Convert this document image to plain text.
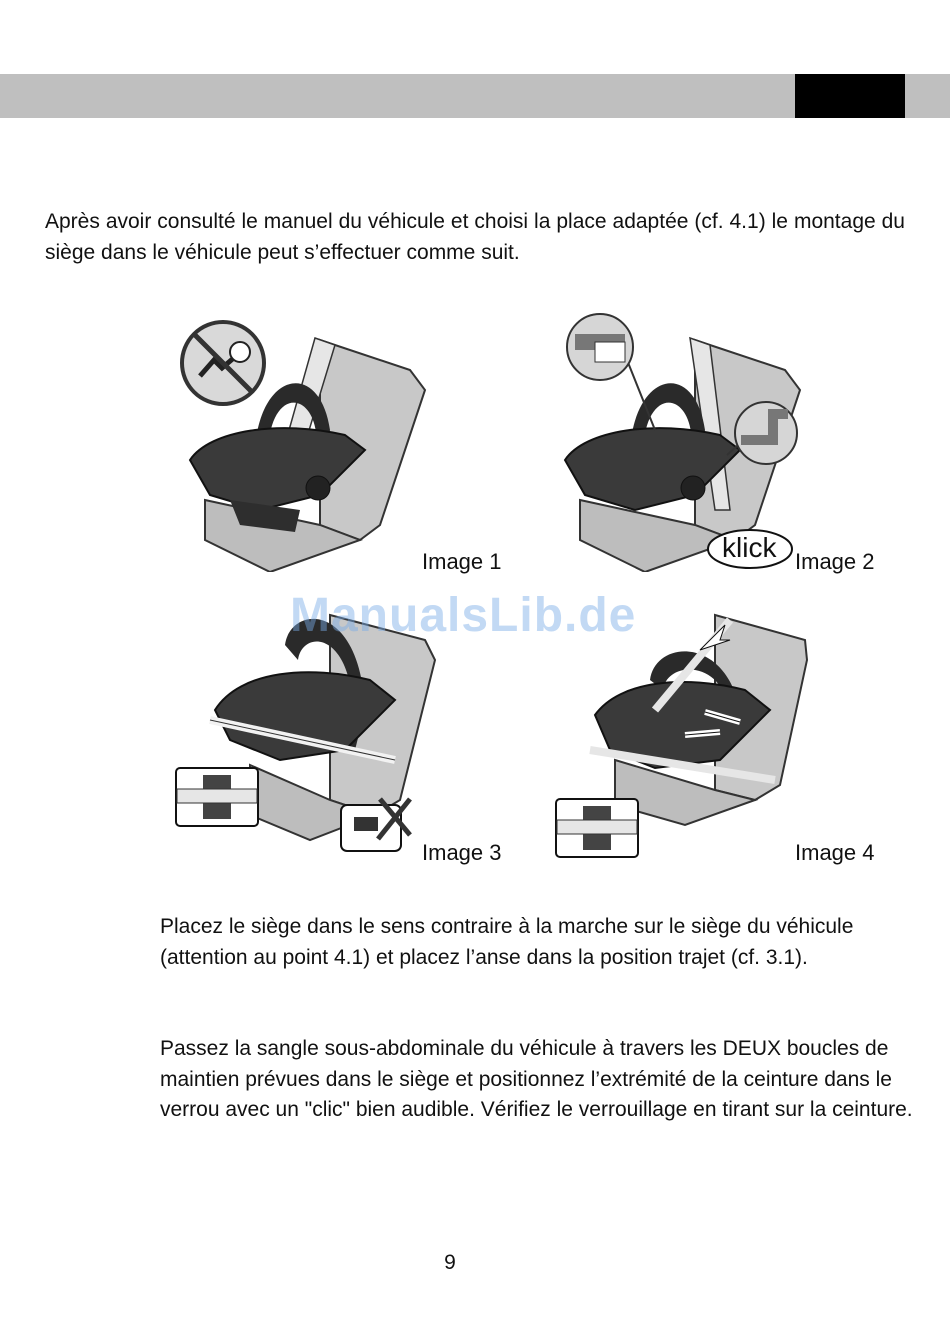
Après avoir consulté le manuel du véhicule et choisi la place adaptée (cf. 4.1) le montage du siège dans le véhicule peut s’effectuer comme suit.

Image 1	klick Image 2
Image 3	Image 4
ManualsLib.de

Placez le siège dans le sens contraire à la marche sur le siège du véhicule (attention au point 4.1) et placez l’anse dans la position trajet (cf. 3.1).

Passez la sangle sous-abdominale du véhicule à travers les DEUX boucles de maintien prévues dans le siège et positionnez l’extrémité de la ceinture dans le verrou avec un "clic" bien audible. Vérifiez le verrouillage en tirant sur la ceinture.

9
